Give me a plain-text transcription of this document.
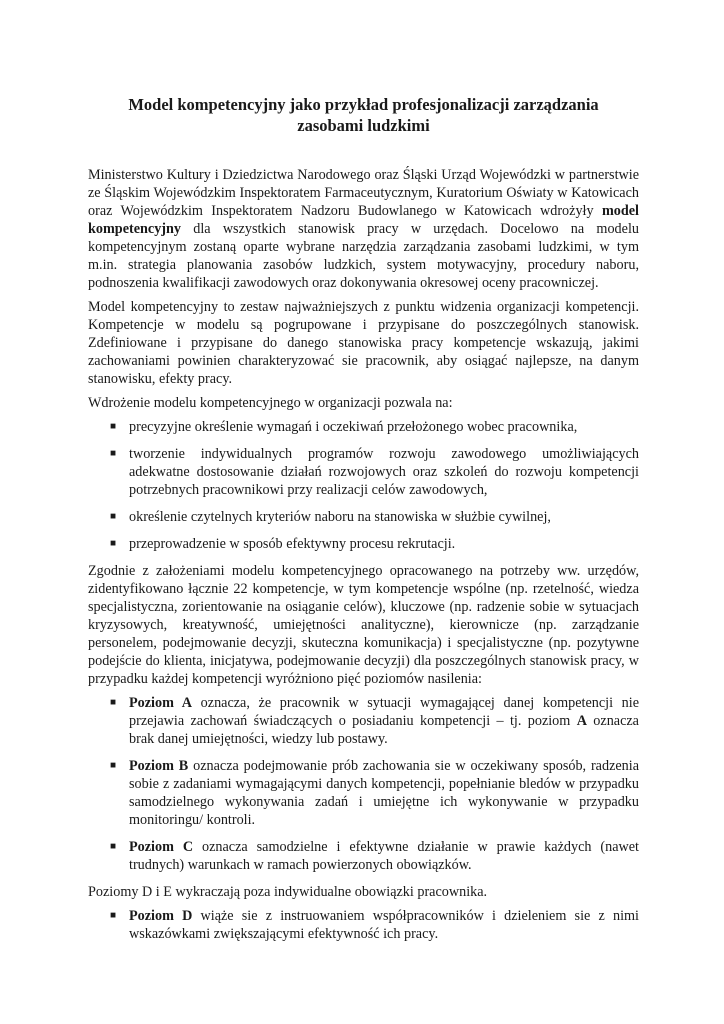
Model kompetencyjny jako przykład profesjonalizacji zarządzania zasobami ludzkimi

Ministerstwo Kultury i Dziedzictwa Narodowego oraz Śląski Urząd Wojewódzki w partnerstwie ze Śląskim Wojewódzkim Inspektoratem Farmaceutycznym, Kuratorium Oświaty w Katowicach oraz Wojewódzkim Inspektoratem Nadzoru Budowlanego w Katowicach wdrożyły model kompetencyjny dla wszystkich stanowisk pracy w urzędach. Docelowo na modelu kompetencyjnym zostaną oparte wybrane narzędzia zarządzania zasobami ludzkimi, w tym m.in. strategia planowania zasobów ludzkich, system motywacyjny, procedury naboru, podnoszenia kwalifikacji zawodowych oraz dokonywania okresowej oceny pracowniczej.

Model kompetencyjny to zestaw najważniejszych z punktu widzenia organizacji kompetencji. Kompetencje w modelu są pogrupowane i przypisane do poszczególnych stanowisk. Zdefiniowane i przypisane do danego stanowiska pracy kompetencje wskazują, jakimi zachowaniami powinien charakteryzować sie pracownik, aby osiągać najlepsze, na danym stanowisku, efekty pracy.

Wdrożenie modelu kompetencyjnego w organizacji pozwala na:

■ precyzyjne określenie wymagań i oczekiwań przełożonego wobec pracownika,
■ tworzenie indywidualnych programów rozwoju zawodowego umożliwiających adekwatne dostosowanie działań rozwojowych oraz szkoleń do rozwoju kompetencji potrzebnych pracownikowi przy realizacji celów zawodowych,
■ określenie czytelnych kryteriów naboru na stanowiska w służbie cywilnej,
■ przeprowadzenie w sposób efektywny procesu rekrutacji.

Zgodnie z założeniami modelu kompetencyjnego opracowanego na potrzeby ww. urzędów, zidentyfikowano łącznie 22 kompetencje, w tym kompetencje wspólne (np. rzetelność, wiedza specjalistyczna, zorientowanie na osiąganie celów), kluczowe (np. radzenie sobie w sytuacjach kryzysowych, kreatywność, umiejętności analityczne), kierownicze (np. zarządzanie personelem, podejmowanie decyzji, skuteczna komunikacja) i specjalistyczne (np. pozytywne podejście do klienta, inicjatywa, podejmowanie decyzji) dla poszczególnych stanowisk pracy, w przypadku każdej kompetencji wyróżniono pięć poziomów nasilenia:

■ Poziom A oznacza, że pracownik w sytuacji wymagającej danej kompetencji nie przejawia zachowań świadczących o posiadaniu kompetencji – tj. poziom A oznacza brak danej umiejętności, wiedzy lub postawy.
■ Poziom B oznacza podejmowanie prób zachowania sie w oczekiwany sposób, radzenia sobie z zadaniami wymagającymi danych kompetencji, popełnianie bledów w przypadku samodzielnego wykonywania zadań i umiejętne ich wykonywanie w przypadku monitoringu/ kontroli.
■ Poziom C oznacza samodzielne i efektywne działanie w prawie każdych (nawet trudnych) warunkach w ramach powierzonych obowiązków.

Poziomy D i E wykraczają poza indywidualne obowiązki pracownika.

■ Poziom D wiąże sie z instruowaniem współpracowników i dzieleniem sie z nimi wskazówkami zwiększającymi efektywność ich pracy.
